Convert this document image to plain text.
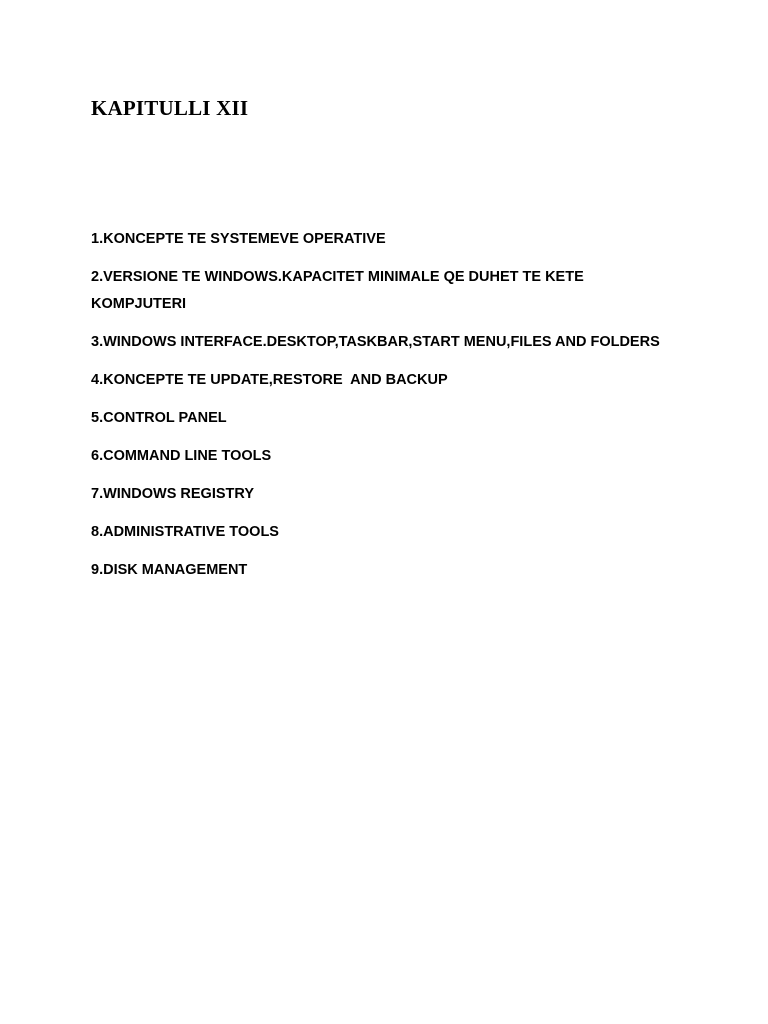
KAPITULLI XII
1.KONCEPTE TE SYSTEMEVE OPERATIVE
2.VERSIONE TE WINDOWS.KAPACITET MINIMALE QE DUHET TE KETE KOMPJUTERI
3.WINDOWS INTERFACE.DESKTOP,TASKBAR,START MENU,FILES AND FOLDERS
4.KONCEPTE TE UPDATE,RESTORE  AND BACKUP
5.CONTROL PANEL
6.COMMAND LINE TOOLS
7.WINDOWS REGISTRY
8.ADMINISTRATIVE TOOLS
9.DISK MANAGEMENT
